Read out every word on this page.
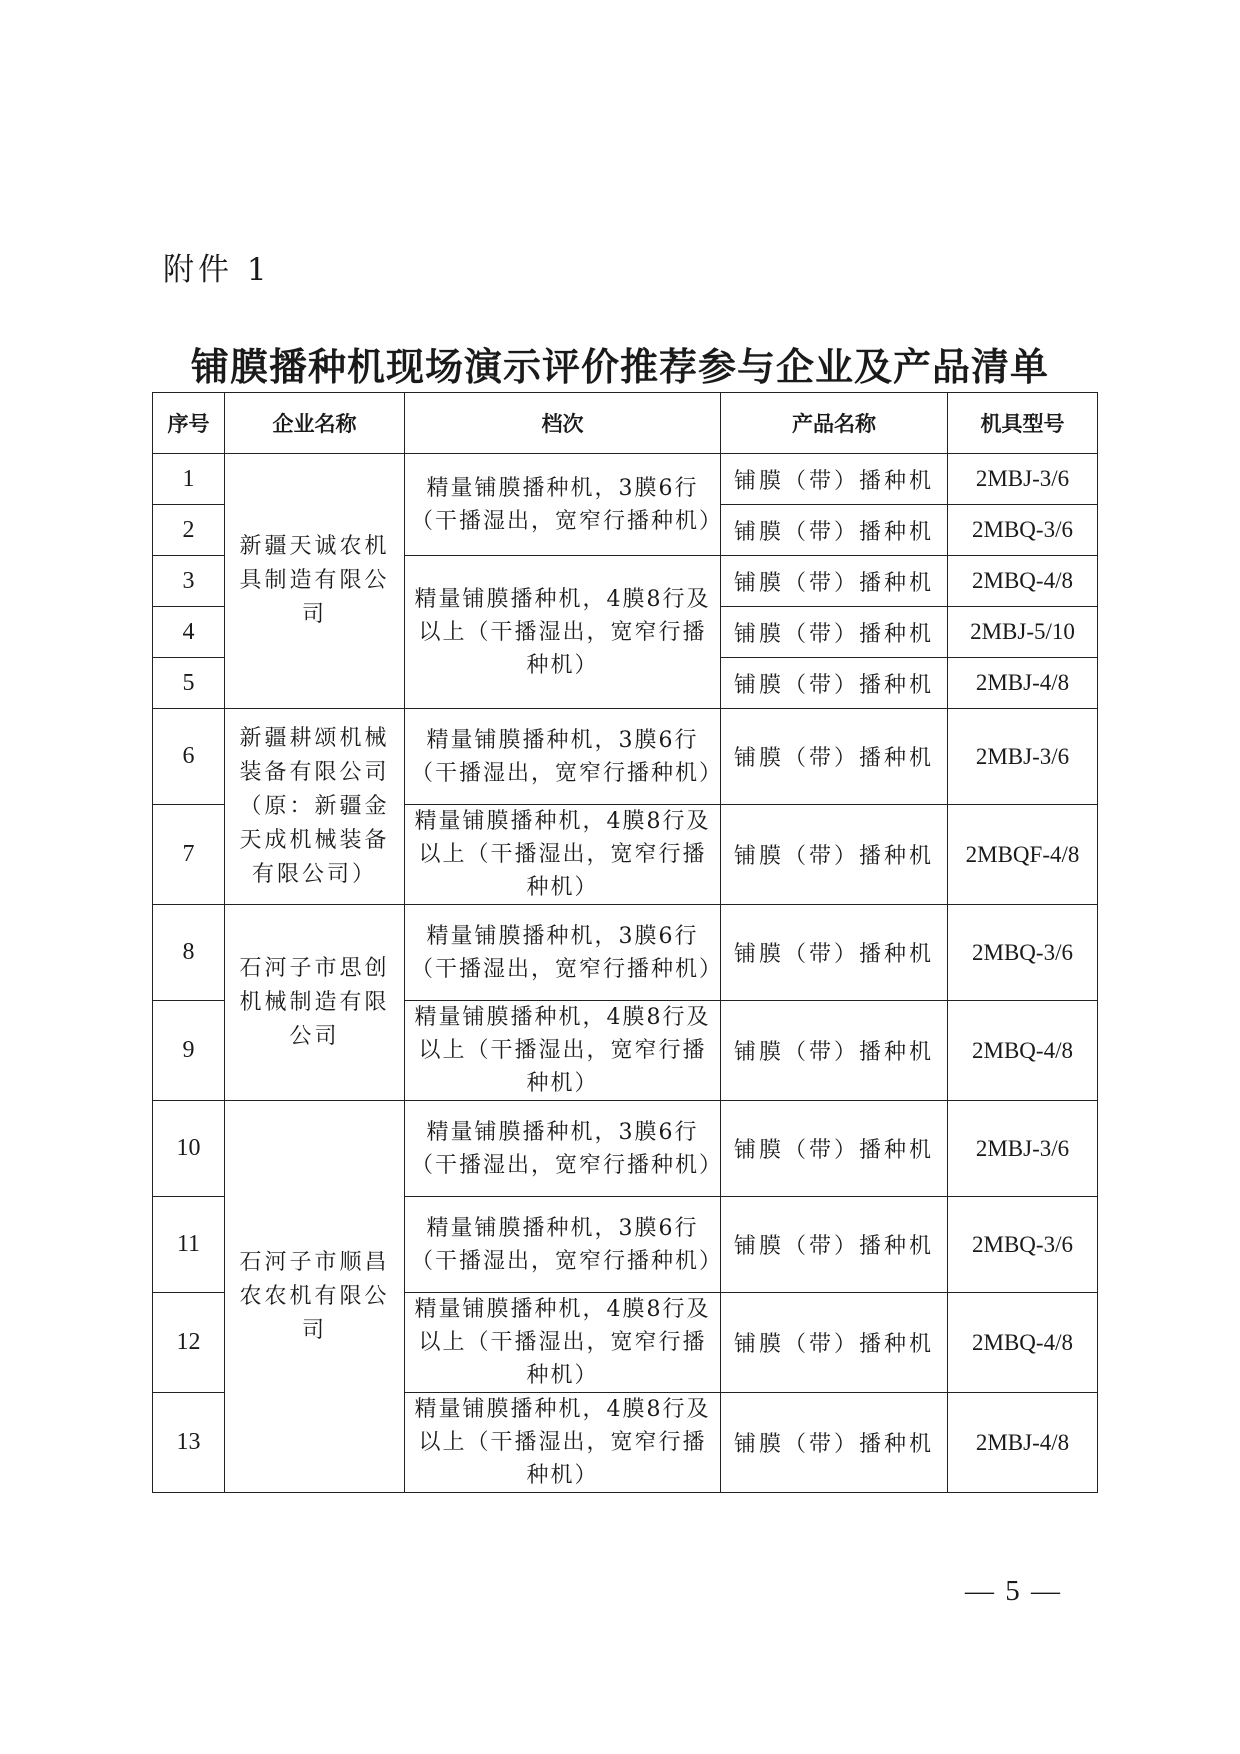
附件 1
铺膜播种机现场演示评价推荐参与企业及产品清单
序号	企业名称	档次	产品名称	机具型号
1	新疆天诚农机具制造有限公司	精量铺膜播种机，3膜6行（干播湿出，宽窄行播种机）	铺膜（带）播种机	2MBJ-3/6
2			铺膜（带）播种机	2MBQ-3/6
3		精量铺膜播种机，4膜8行及以上（干播湿出，宽窄行播种机）	铺膜（带）播种机	2MBQ-4/8
4			铺膜（带）播种机	2MBJ-5/10
5			铺膜（带）播种机	2MBJ-4/8
6	新疆耕颂机械装备有限公司（原：新疆金天成机械装备有限公司）	精量铺膜播种机，3膜6行（干播湿出，宽窄行播种机）	铺膜（带）播种机	2MBJ-3/6
7		精量铺膜播种机，4膜8行及以上（干播湿出，宽窄行播种机）	铺膜（带）播种机	2MBQF-4/8
8	石河子市思创机械制造有限公司	精量铺膜播种机，3膜6行（干播湿出，宽窄行播种机）	铺膜（带）播种机	2MBQ-3/6
9		精量铺膜播种机，4膜8行及以上（干播湿出，宽窄行播种机）	铺膜（带）播种机	2MBQ-4/8
10	石河子市顺昌农农机有限公司	精量铺膜播种机，3膜6行（干播湿出，宽窄行播种机）	铺膜（带）播种机	2MBJ-3/6
11		精量铺膜播种机，3膜6行（干播湿出，宽窄行播种机）	铺膜（带）播种机	2MBQ-3/6
12		精量铺膜播种机，4膜8行及以上（干播湿出，宽窄行播种机）	铺膜（带）播种机	2MBQ-4/8
13		精量铺膜播种机，4膜8行及以上（干播湿出，宽窄行播种机）	铺膜（带）播种机	2MBJ-4/8
— 5 —
